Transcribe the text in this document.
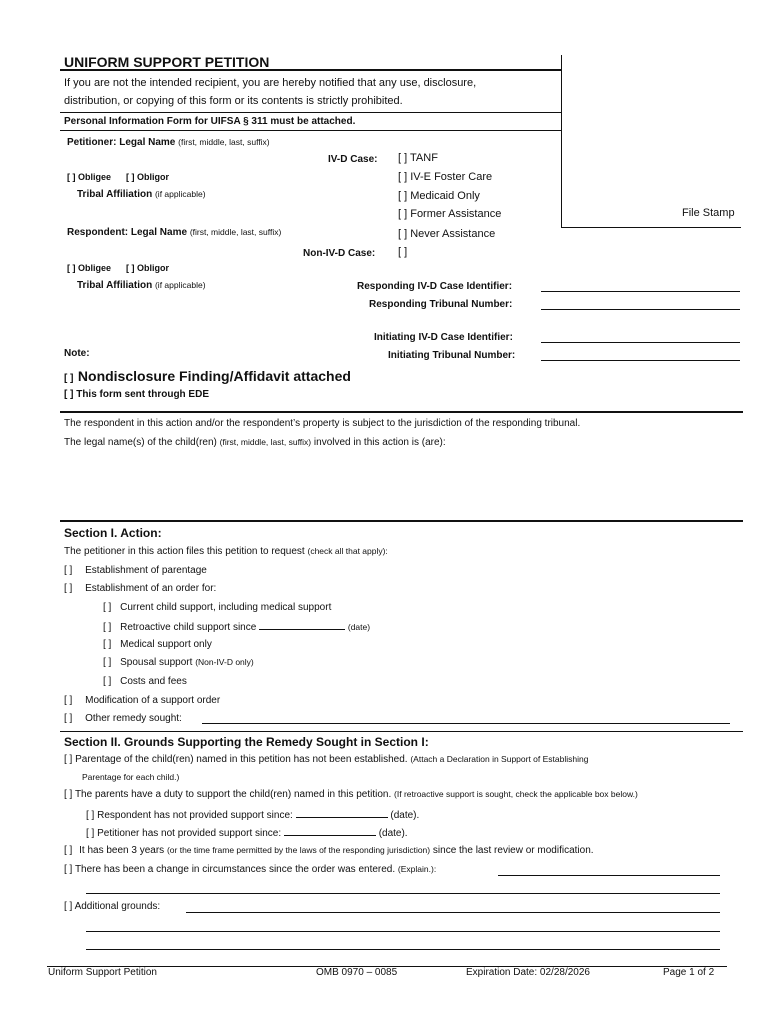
UNIFORM SUPPORT PETITION
If you are not the intended recipient, you are hereby notified that any use, disclosure,
distribution, or copying of this form or its contents is strictly prohibited.
Personal Information Form for UIFSA § 311 must be attached.
File Stamp
Petitioner: Legal Name (first, middle, last, suffix)
[ ] Obligee [ ] Obligor
Tribal Affiliation (if applicable)
IV-D Case: [ ] TANF
[ ] IV-E Foster Care
[ ] Medicaid Only
[ ] Former Assistance
[ ] Never Assistance
Respondent: Legal Name (first, middle, last, suffix)
Non-IV-D Case: [ ]
[ ] Obligee [ ] Obligor
Tribal Affiliation (if applicable)	Responding IV-D Case Identifier:
Responding Tribunal Number:
Initiating IV-D Case Identifier:
Note:	Initiating Tribunal Number:
[ ] Nondisclosure Finding/Affidavit attached
[ ] This form sent through EDE
The respondent in this action and/or the respondent’s property is subject to the jurisdiction of the responding tribunal.
The legal name(s) of the child(ren) (first, middle, last, suffix) involved in this action is (are):
Section I. Action:
The petitioner in this action files this petition to request (check all that apply):
[ ] Establishment of parentage
[ ] Establishment of an order for:
[ ] Current child support, including medical support
[ ] Retroactive child support since	(date)
[ ] Medical support only
[ ] Spousal support (Non-IV-D only)
[ ] Costs and fees
[ ] Modification of a support order
[ ] Other remedy sought:
Section II. Grounds Supporting the Remedy Sought in Section I:
[ ] Parentage of the child(ren) named in this petition has not been established. (Attach a Declaration in Support of Establishing
Parentage for each child.)
[ ] The parents have a duty to support the child(ren) named in this petition. (If retroactive support is sought, check the applicable box below.)
[ ] Respondent has not provided support since:	(date).
[ ] Petitioner has not provided support since:	(date).
[ ] It has been 3 years (or the time frame permitted by the laws of the responding jurisdiction) since the last review or modification.
[ ] There has been a change in circumstances since the order was entered. (Explain.):
[ ] Additional grounds:
Uniform Support Petition	OMB 0970 – 0085	Expiration Date: 02/28/2026	Page 1 of 2
